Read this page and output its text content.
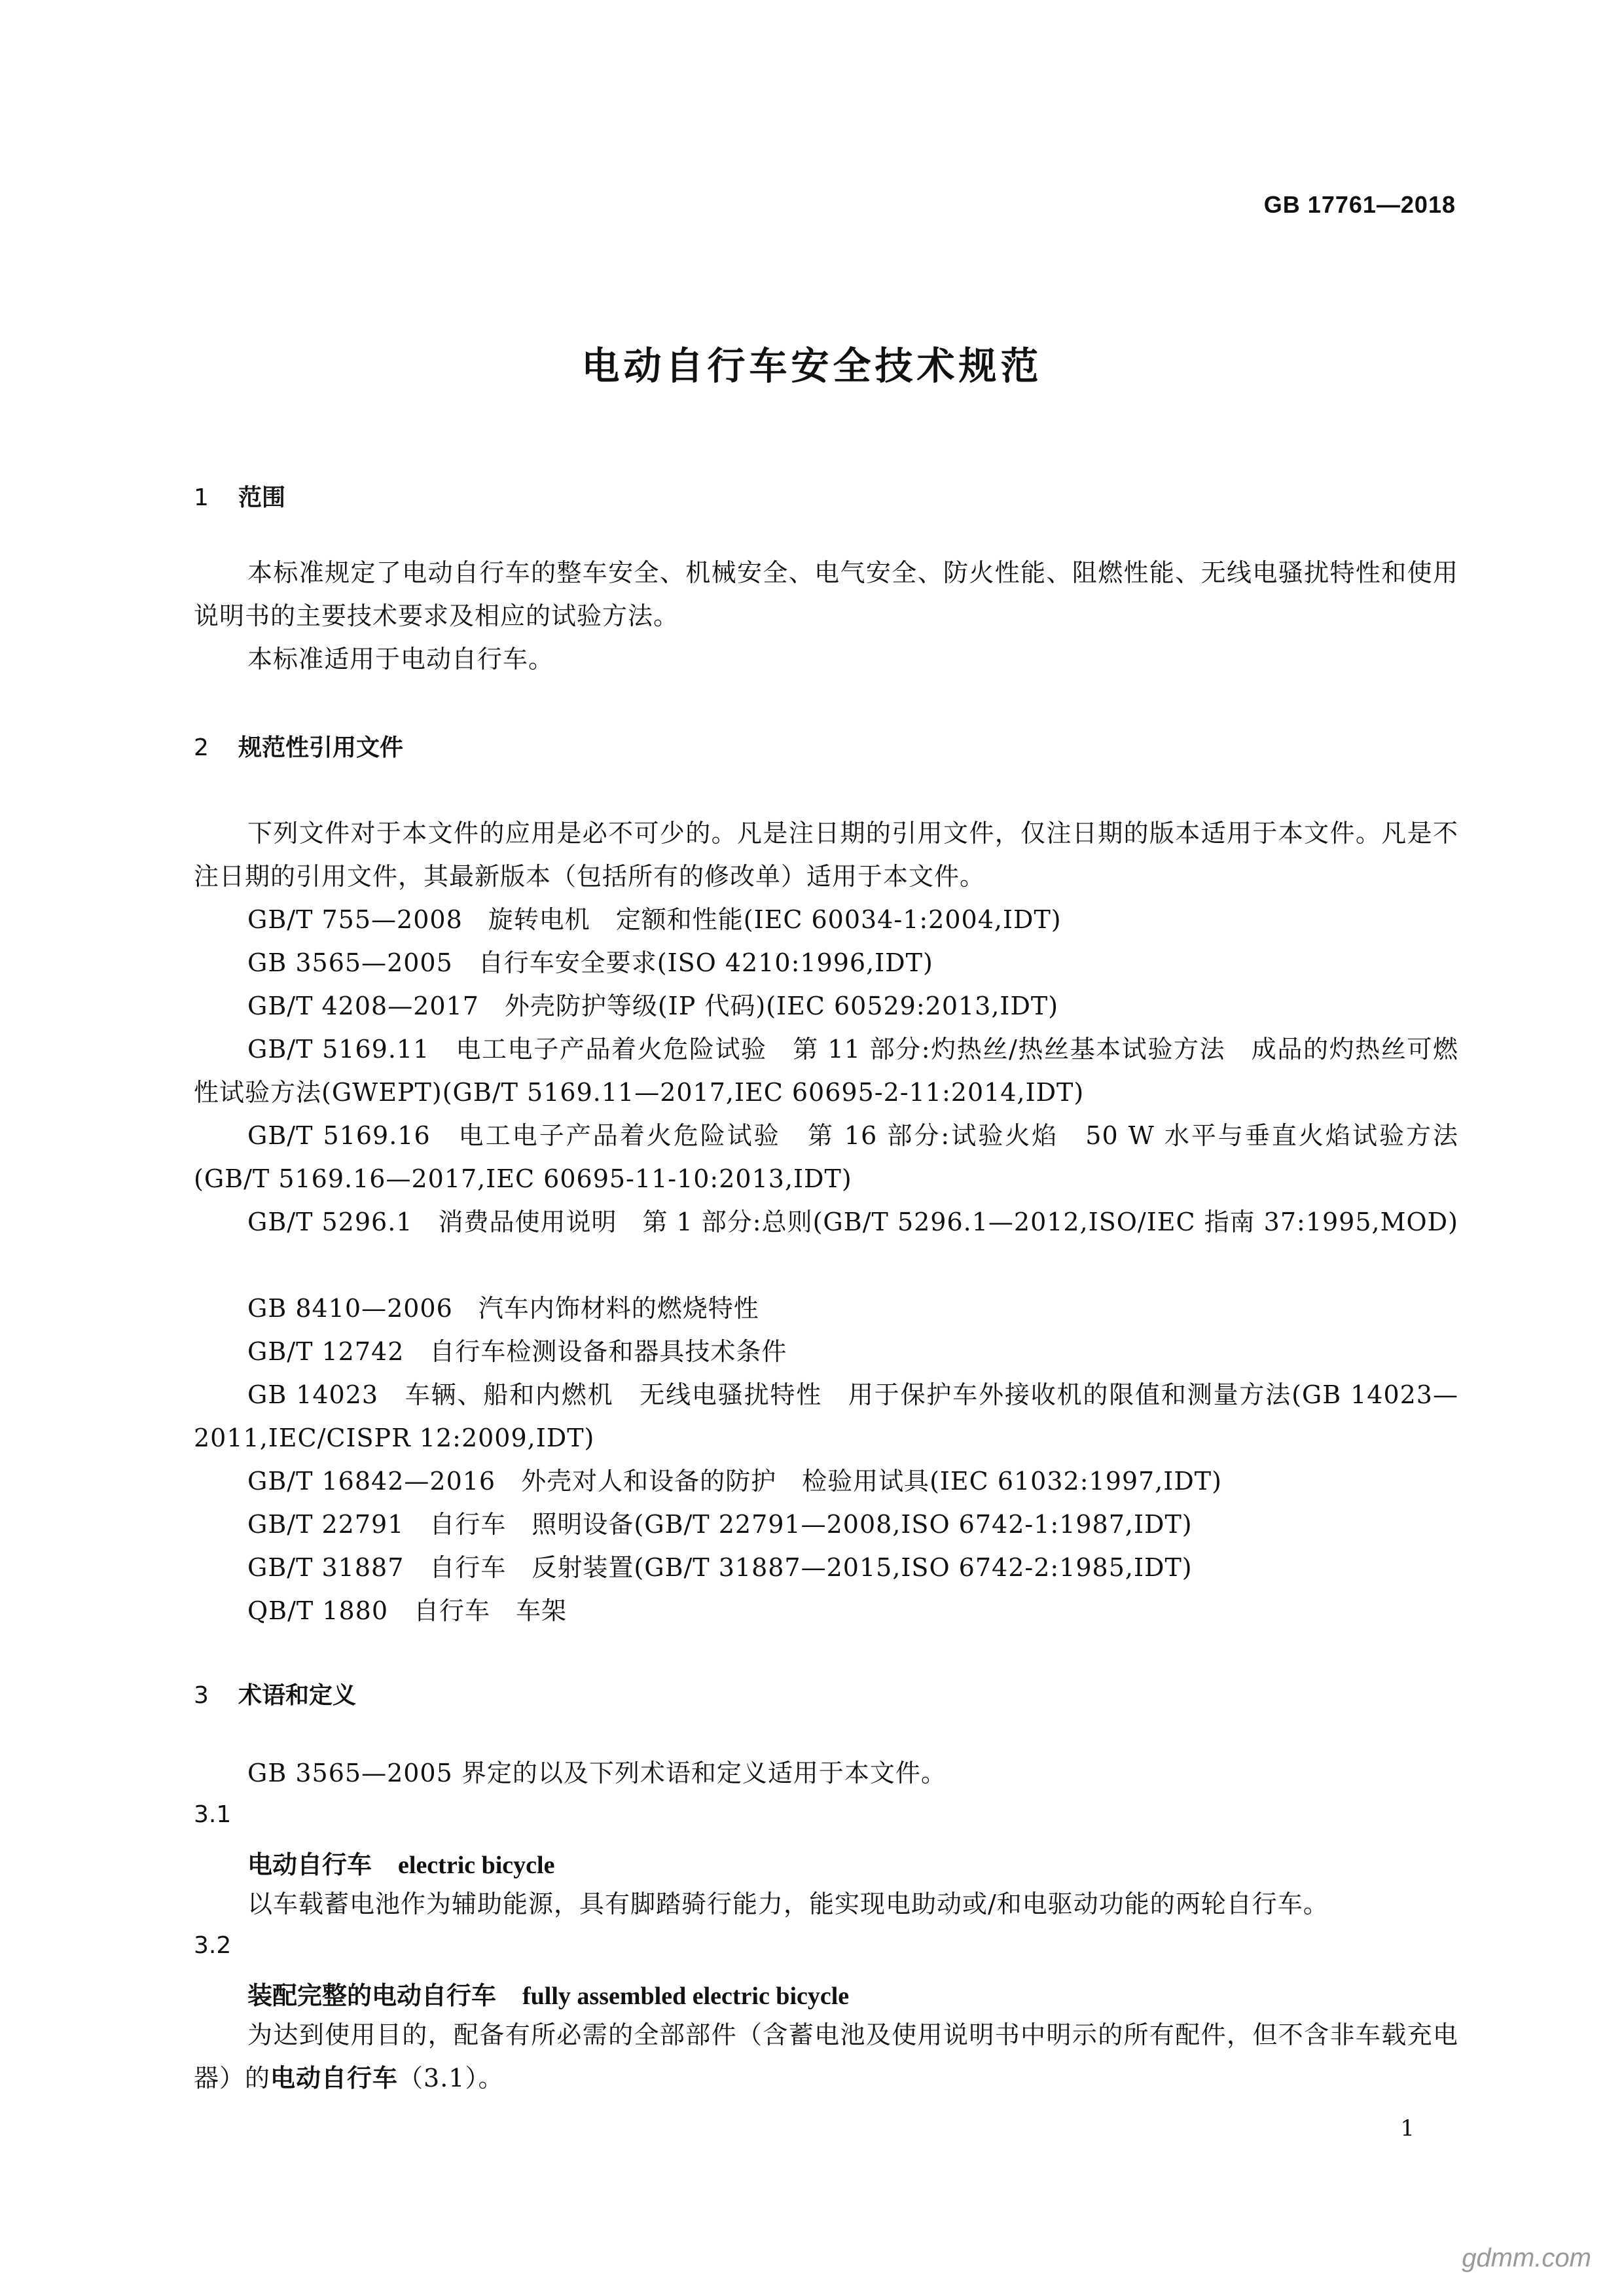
GB 17761—2018
电动自行车安全技术规范
1 范围
本标准规定了电动自行车的整车安全、机械安全、电气安全、防火性能、阻燃性能、无线电骚扰特性和使用说明书的主要技术要求及相应的试验方法。
本标准适用于电动自行车。
2 规范性引用文件
下列文件对于本文件的应用是必不可少的。凡是注日期的引用文件，仅注日期的版本适用于本文件。凡是不注日期的引用文件，其最新版本（包括所有的修改单）适用于本文件。
GB/T 755—2008　旋转电机　定额和性能(IEC 60034-1:2004,IDT)
GB 3565—2005　自行车安全要求(ISO 4210:1996,IDT)
GB/T 4208—2017　外壳防护等级(IP 代码)(IEC 60529:2013,IDT)
GB/T 5169.11　电工电子产品着火危险试验　第 11 部分:灼热丝/热丝基本试验方法　成品的灼热丝可燃性试验方法(GWEPT)(GB/T 5169.11—2017,IEC 60695-2-11:2014,IDT)
GB/T 5169.16　电工电子产品着火危险试验　第 16 部分:试验火焰　50 W 水平与垂直火焰试验方法(GB/T 5169.16—2017,IEC 60695-11-10:2013,IDT)
GB/T 5296.1　消费品使用说明　第 1 部分:总则(GB/T 5296.1—2012,ISO/IEC 指南 37:1995,MOD)
GB 8410—2006　汽车内饰材料的燃烧特性
GB/T 12742　自行车检测设备和器具技术条件
GB 14023　车辆、船和内燃机　无线电骚扰特性　用于保护车外接收机的限值和测量方法(GB 14023—2011,IEC/CISPR 12:2009,IDT)
GB/T 16842—2016　外壳对人和设备的防护　检验用试具(IEC 61032:1997,IDT)
GB/T 22791　自行车　照明设备(GB/T 22791—2008,ISO 6742-1:1987,IDT)
GB/T 31887　自行车　反射装置(GB/T 31887—2015,ISO 6742-2:1985,IDT)
QB/T 1880　自行车　车架
3 术语和定义
GB 3565—2005 界定的以及下列术语和定义适用于本文件。
3.1
电动自行车 electric bicycle
以车载蓄电池作为辅助能源，具有脚踏骑行能力，能实现电助动或/和电驱动功能的两轮自行车。
3.2
装配完整的电动自行车 fully assembled electric bicycle
为达到使用目的，配备有所必需的全部部件（含蓄电池及使用说明书中明示的所有配件，但不含非车载充电器）的电动自行车（3.1）。
1
gdmm.com
